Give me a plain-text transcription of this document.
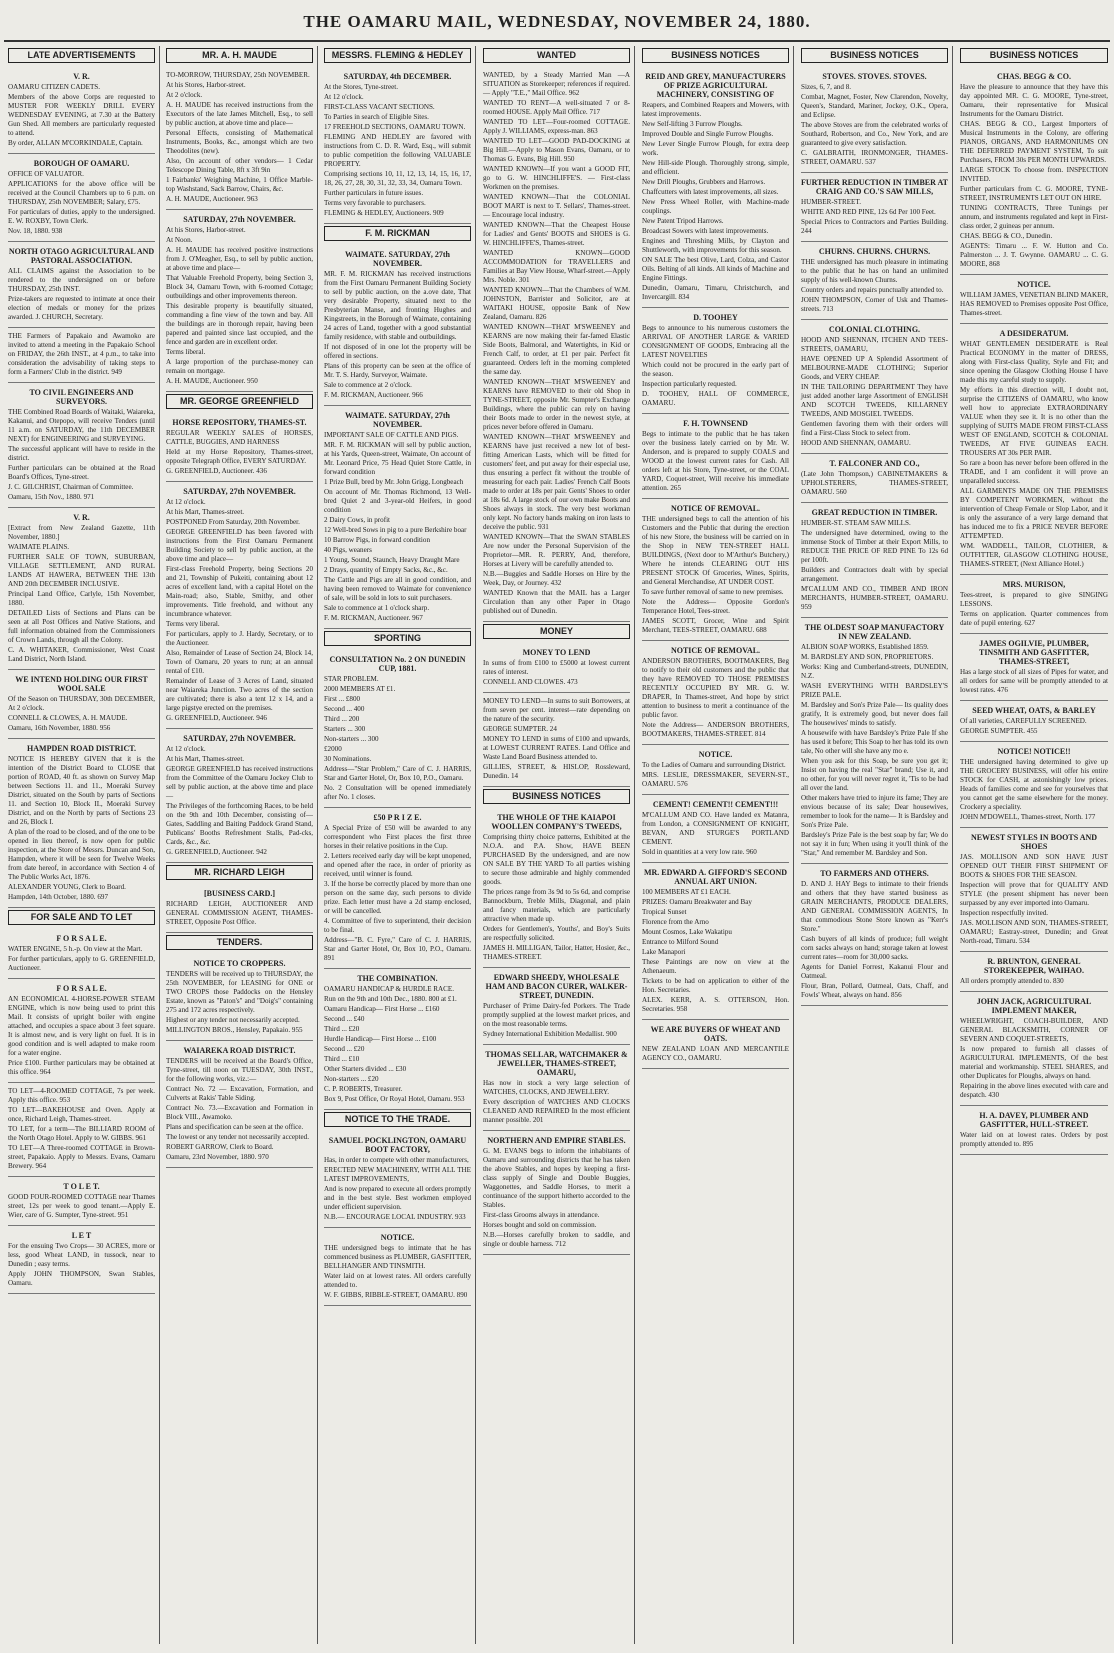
THE OAMARU MAIL, WEDNESDAY, NOVEMBER 24, 1880.
LATE ADVERTISEMENTS
V. R.

OAMARU CITIZEN CADETS.

Members of the above Corps are requested to MUSTER FOR WEEKLY DRILL EVERY WEDNESDAY EVENING, at 7.30 at the Battery Gun Shed. All members are particularly requested to attend.

By order, ALLAN M'CORKINDALE, Captain.

BOROUGH OF OAMARU.

OFFICE OF VALUATOR.

APPLICATIONS for the above office will be received at the Council Chambers up to 6 p.m. on THURSDAY, 25th NOVEMBER; Salary, £75.

For particulars of duties, apply to the undersigned. E. W. ROXBY, Town Clerk.

Nov. 18, 1880. 938

NORTH OTAGO AGRICULTURAL AND PASTORAL ASSOCIATION.

ALL CLAIMS against the Association to be rendered to the undersigned on or before THURSDAY, 25th INST.

Prize-takers are requested to intimate at once their election of medals or money for the prizes awarded. J. CHURCH, Secretary.

THE Farmers of Papakaio and Awamoko are invited to attend a meeting in the Papakaio School on FRIDAY, the 26th INST., at 4 p.m., to take into consideration the advisability of taking steps to form a Farmers' Club in the district. 949

TO CIVIL ENGINEERS AND SURVEYORS.

THE Combined Road Boards of Waitaki, Waiareka, Kakanui, and Otepopo, will receive Tenders (until 11 a.m. on SATURDAY, the 11th DECEMBER NEXT) for ENGINEERING and SURVEYING.

The successful applicant will have to reside in the district.

Further particulars can be obtained at the Road Board's Offices, Tyne-street.

J. C. GILCHRIST, Chairman of Committee.

Oamaru, 15th Nov., 1880. 971

V. R.

[Extract from New Zealand Gazette, 11th November, 1880.]

WAIMATE PLAINS.

FURTHER SALE OF TOWN, SUBURBAN, VILLAGE SETTLEMENT, AND RURAL LANDS AT HAWERA, BETWEEN THE 13th AND 20th DECEMBER INCLUSIVE.

Principal Land Office, Carlyle, 15th November, 1880.

DETAILED Lists of Sections and Plans can be seen at all Post Offices and Native Stations, and full information obtained from the Commissioners of Crown Lands, through all the Colony.

C. A. WHITAKER, Commissioner, West Coast Land District, North Island.

WE INTEND HOLDING OUR FIRST WOOL SALE

Of the Season on THURSDAY, 30th DECEMBER, At 2 o'clock.

CONNELL & CLOWES, A. H. MAUDE.

Oamaru, 16th November, 1880. 956

HAMPDEN ROAD DISTRICT.

NOTICE IS HEREBY GIVEN that it is the intention of the District Board to CLOSE that portion of ROAD, 40 ft. as shown on Survey Map between Sections 11. and 11., Moeraki Survey District, situated on the South by parts of Sections 11. and Section 10, Block II., Moeraki Survey District, and on the North by parts of Sections 23 and 26, Block I.

A plan of the road to be closed, and of the one to be opened in lieu thereof, is now open for public inspection, at the Store of Messrs. Duncan and Son, Hampden, where it will be seen for Twelve Weeks from date hereof, in accordance with Section 4 of The Public Works Act, 1876.

ALEXANDER YOUNG, Clerk to Board.

Hampden, 14th October, 1880. 697

FOR SALE AND TO LET
F O R S A L E.

WATER ENGINE, 5 h.-p. On view at the Mart.

For further particulars, apply to G. GREENFIELD, Auctioneer.

F O R S A L E.

AN ECONOMICAL 4-HORSE-POWER STEAM ENGINE, which is now being used to print this Mail. It consists of upright boiler with engine attached, and occupies a space about 3 feet square. It is almost new, and is very light on fuel. It is in good condition and is well adapted to make room for a water engine.

Price £100. Further particulars may be obtained at this office. 964

TO LET—4-ROOMED COTTAGE, 7s per week. Apply this office. 953

TO LET—BAKEHOUSE and Oven. Apply at once, Richard Leigh, Thames-street.

TO LET, for a term—The BILLIARD ROOM of the North Otago Hotel. Apply to W. GIBBS. 961

TO LET—A Three-roomed COTTAGE in Brown-street, Papakaio. Apply to Messrs. Evans, Oamaru Brewery. 964

T O L E T.

GOOD FOUR-ROOMED COTTAGE near Thames street, 12s per week to good tenant.—Apply E. Wier, care of G. Sumpter, Tyne-street. 951

L E T

For the ensuing Two Crops— 30 ACRES, more or less, good Wheat LAND, in tussock, near to Dunedin ; easy terms.

Apply JOHN THOMPSON, Swan Stables, Oamaru.

MR. A. H. MAUDE

TO-MORROW, THURSDAY, 25th NOVEMBER.

At his Stores, Harbor-street.

At 2 o'clock.

A. H. MAUDE has received instructions from the Executors of the late James Mitchell, Esq., to sell by public auction, at above time and place—

Personal Effects, consisting of Mathematical Instruments, Books, &c., amongst which are two Theodolites (new).

Also, On account of other vendors— 1 Cedar Telescope Dining Table, 8ft x 3ft 9in

1 Fairbanks' Weighing Machine, 1 Office Marble-top Washstand, Sack Barrow, Chairs, &c.

A. H. MAUDE, Auctioneer. 963

SATURDAY, 27th NOVEMBER.

At his Stores, Harbor-street.

At Noon.

A. H. MAUDE has received positive instructions from J. O'Meagher, Esq., to sell by public auction, at above time and place—

That Valuable Freehold Property, being Section 3, Block 34, Oamaru Town, with 6-roomed Cottage; outbuildings and other improvements thereon.

This desirable property is beautifully situated, commanding a fine view of the town and bay. All the buildings are in thorough repair, having been papered and painted since last occupied, and the fence and garden are in excellent order.

Terms liberal.

A large proportion of the purchase-money can remain on mortgage.

A. H. MAUDE, Auctioneer. 950

MR. GEORGE GREENFIELD
HORSE REPOSITORY, THAMES-ST.

REGULAR WEEKLY SALES of HORSES, CATTLE, BUGGIES, AND HARNESS

Held at my Horse Repository, Thames-street, opposite Telegraph Office, EVERY SATURDAY.

G. GREENFIELD, Auctioneer. 436

SATURDAY, 27th NOVEMBER.

At 12 o'clock.

At his Mart, Thames-street.

POSTPONED From Saturday, 20th November.

GEORGE GREENFIELD has been favored with instructions from the First Oamaru Permanent Building Society to sell by public auction, at the above time and place—

First-class Freehold Property, being Sections 20 and 21, Township of Pukeiti, containing about 12 acres of excellent land, with a capital Hotel on the Main-road; also, Stable, Smithy, and other improvements. Title freehold, and without any incumbrance whatever.

Terms very liberal.

For particulars, apply to J. Hardy, Secretary, or to the Auctioneer.

Also, Remainder of Lease of Section 24, Block 14, Town of Oamaru, 20 years to run; at an annual rental of £10.

Remainder of Lease of 3 Acres of Land, situated near Waiareka Junction. Two acres of the section are cultivated; there is also a tent 12 x 14, and a large pigstye erected on the premises.

G. GREENFIELD, Auctioneer. 946

SATURDAY, 27th NOVEMBER.

At 12 o'clock.

At his Mart, Thames-street.

GEORGE GREENFIELD has received instructions from the Committee of the Oamaru Jockey Club to sell by public auction, at the above time and place—

The Privileges of the forthcoming Races, to be held on the 9th and 10th December, consisting of—Gates, Saddling and Baiting Paddock Grand Stand, Publicans' Booths Refreshment Stalls, Pad-cks, Cards, &c., &c.

G. GREENFIELD, Auctioneer. 942

MR. RICHARD LEIGH
[BUSINESS CARD.]

RICHARD LEIGH, AUCTIONEER AND GENERAL COMMISSION AGENT, THAMES-STREET, Opposite Post Office.

TENDERS.
NOTICE TO CROPPERS.

TENDERS will be received up to THURSDAY, the 25th NOVEMBER, for LEASING for ONE or TWO CROPS those Paddocks on the Hensley Estate, known as "Paton's" and "Doig's" containing 275 and 172 acres respectively.

Highest or any tender not necessarily accepted.

MILLINGTON BROS., Hensley, Papakaio. 955

WAIAREKA ROAD DISTRICT.

TENDERS will be received at the Board's Office, Tyne-street, till noon on TUESDAY, 30th INST., for the following works, viz.:—

Contract No. 72 — Excavation, Formation, and Culverts at Rakis' Table Siding.

Contract No. 73.—Excavation and Formation in Block VIII., Awamoko.

Plans and specification can be seen at the office.

The lowest or any tender not necessarily accepted.

ROBERT GARROW, Clerk to Board.

Oamaru, 23rd November, 1880. 970

MESSRS. FLEMING & HEDLEY
SATURDAY, 4th DECEMBER.

At the Stores, Tyne-street.

At 12 o'clock.

FIRST-CLASS VACANT SECTIONS.

To Parties in search of Eligible Sites.

17 FREEHOLD SECTIONS, OAMARU TOWN.

FLEMING AND HEDLEY are favored with instructions from C. D. R. Ward, Esq., will submit to public competition the following VALUABLE PROPERTY.

Comprising sections 10, 11, 12, 13, 14, 15, 16, 17, 18, 26, 27, 28, 30, 31, 32, 33, 34, Oamaru Town.

Further particulars in future issues.

Terms very favorable to purchasers.

FLEMING & HEDLEY, Auctioneers. 909

F. M. RICKMAN
WAIMATE. SATURDAY, 27th NOVEMBER.

MR. F. M. RICKMAN has received instructions from the First Oamaru Permanent Building Society to sell by public auction, on the a.ove date, That very desirable Property, situated next to the Presbyterian Manse, and fronting Hughes and Kingstreets, in the Borough of Waimate, containing 24 acres of Land, together with a good substantial family residence, with stable and outbuildings.

If not disposed of in one lot the property will be offered in sections.

Plans of this property can be seen at the office of Mr. T. S. Hardy, Surveyor, Waimate.

Sale to commence at 2 o'clock.

F. M. RICKMAN, Auctioneer. 966

WAIMATE. SATURDAY, 27th NOVEMBER.

IMPORTANT SALE OF CATTLE AND PIGS.

MR. F. M. RICKMAN will sell by public auction, at his Yards, Queen-street, Waimate, On account of Mr. Leonard Price, 75 Head Quiet Store Cattle, in forward condition

1 Prize Bull, bred by Mr. John Grigg, Longbeach

On account of Mr. Thomas Richmond, 13 Well-bred Quiet 2 and 3-year-old Heifers, in good condition

2 Dairy Cows, in profit

12 Well-bred Sows in pig to a pure Berkshire boar

10 Barrow Pigs, in forward condition

40 Pigs, weaners

1 Young, Sound, Staunch, Heavy Draught Mare

2 Drays, quantity of Empty Sacks, &c., &c.

The Cattle and Pigs are all in good condition, and having been removed to Waimate for convenience of sale, will be sold in lots to suit purchasers.

Sale to commence at 1 o'clock sharp.

F. M. RICKMAN, Auctioneer. 967

SPORTING
CONSULTATION No. 2 ON DUNEDIN CUP, 1881.

STAR PROBLEM.

2000 MEMBERS AT £1.

First ... £800

Second ... 400

Third ... 200

Starters ... 300

Non-starters ... 300

£2000

30 Nominations.

Address—"Star Problem," Care of C. J. HARRIS, Star and Garter Hotel, Or, Box 10, P.O., Oamaru.

No. 2 Consultation will be opened immediately after No. 1 closes.

£50 P R I Z E.

A Special Prize of £50 will be awarded to any correspondent who First places the first three horses in their relative positions in the Cup.

2. Letters received early day will be kept unopened, and opened after the race, in order of priority as received, until winner is found.

3. If the horse be correctly placed by more than one person on the same day, such persons to divide prize. Each letter must have a 2d stamp enclosed, or will be cancelled.

4. Committee of five to superintend, their decision to be final.

Address—"B. C. Fyre," Care of C. J. HARRIS, Star and Garter Hotel, Or, Box 10, P.O., Oamaru. 891

THE COMBINATION.

OAMARU HANDICAP & HURDLE RACE.

Run on the 9th and 10th Dec., 1880. 800 at £1.

Oamaru Handicap— First Horse ... £160

Second ... £40

Third ... £20

Hurdle Handicap— First Horse ... £100

Second ... £20

Third ... £10

Other Starters divided ... £30

Non-starters ... £20

C. P. ROBERTS, Treasurer.

Box 9, Post Office, Or Royal Hotel, Oamaru. 953

NOTICE TO THE TRADE.
SAMUEL POCKLINGTON, OAMARU BOOT FACTORY,

Has, in order to compete with other manufacturers,

ERECTED NEW MACHINERY, WITH ALL THE LATEST IMPROVEMENTS,

And is now prepared to execute all orders promptly and in the best style. Best workmen employed under efficient supervision.

N.B.— ENCOURAGE LOCAL INDUSTRY. 933

NOTICE.

THE undersigned begs to intimate that he has commenced business as PLUMBER, GASFITTER, BELLHANGER AND TINSMITH.

Water laid on at lowest rates. All orders carefully attended to.

W. F. GIBBS, RIBBLE-STREET, OAMARU. 890

WANTED

WANTED, by a Steady Married Man —A SITUATION as Storekeeper; references if required. — Apply "T.E.," Mail Office. 962

WANTED TO RENT—A well-situated 7 or 8-roomed HOUSE. Apply Mail Office. 717

WANTED TO LET—Four-roomed COTTAGE. Apply J. WILLIAMS, express-man. 863

WANTED TO LET—GOOD PAD-DOCKING at Big Hill.—Apply to Mason Evans, Oamaru, or to Thomas G. Evans, Big Hill. 950

WANTED KNOWN—If you want a GOOD FIT, go to G. W. HINCHLIFFE'S. — First-class Workmen on the premises.

WANTED KNOWN—That the COLONIAL BOOT MART is next to T. Sellars', Thames-street. — Encourage local industry.

WANTED KNOWN—That the Cheapest House for Ladies' and Gents' BOOTS and SHOES is G. W. HINCHLIFFE'S, Thames-street.

WANTED KNOWN—GOOD ACCOMMODATION for TRAVELLERS and Families at Bay View House, Wharf-street.—Apply Mrs. Noble. 301

WANTED KNOWN—That the Chambers of W.M. JOHNSTON, Barrister and Solicitor, are at WAITAKI HOUSE, opposite Bank of New Zealand, Oamaru. 826

WANTED KNOWN—THAT M'SWEENEY and KEARNS are now making their far-famed Elastic Side Boots, Balmoral, and Watertights, in Kid or French Calf, to order, at £1 per pair. Perfect fit guaranteed. Orders left in the morning completed the same day.

WANTED KNOWN—THAT M'SWEENEY and KEARNS have REMOVED to their old Shop in TYNE-STREET, opposite Mr. Sumpter's Exchange Buildings, where the public can rely on having their Boots made to order in the newest style, at prices never before offered in Oamaru.

WANTED KNOWN—THAT M'SWEENEY and KEARNS have just received a new lot of best-fitting American Lasts, which will be fitted for customers' feet, and put away for their especial use, thus ensuring a perfect fit without the trouble of measuring for each pair. Ladies' French Calf Boots made to order at 18s per pair. Gents' Shoes to order at 18s 6d. A large stock of our own make Boots and Shoes always in stock. The very best workman only kept. No factory hands making on iron lasts to deceive the public. 931

WANTED KNOWN—That the SWAN STABLES Are now under the Personal Supervision of the Proprietor—MR. R. PERRY, And, therefore, Horses at Livery will be carefully attended to.

N.B.—Buggies and Saddle Horses on Hire by the Week, Day, or Journey. 432

WANTED Known that the MAIL has a Larger Circulation than any other Paper in Otago published out of Dunedin.

MONEY
MONEY TO LEND

In sums of from £100 to £5000 at lowest current rates of interest.

CONNELL AND CLOWES. 473

MONEY TO LEND—In sums to suit Borrowers, at from seven per cent. interest—rate depending on the nature of the security.

GEORGE SUMPTER. 24

MONEY TO LEND in sums of £100 and upwards, at LOWEST CURRENT RATES. Land Office and Waste Land Board Business attended to.

GILLIES, STREET, & HISLOP, Rossleward, Dunedin. 14

BUSINESS NOTICES
THE WHOLE OF THE KAIAPOI WOOLLEN COMPANY'S TWEEDS,

Comprising thirty choice patterns, Exhibited at the N.O.A. and P.A. Show, HAVE BEEN PURCHASED By the undersigned, and are now ON SALE BY THE YARD To all parties wishing to secure those admirable and highly commended goods.

The prices range from 3s 9d to 5s 6d, and comprise Bannockburn, Treble Mills, Diagonal, and plain and fancy materials, which are particularly attractive when made up.

Orders for Gentlemen's, Youths', and Boy's Suits are respectfully solicited.

JAMES H. MILLIGAN, Tailor, Hatter, Hosier, &c., THAMES-STREET.

EDWARD SHEEDY, WHOLESALE HAM AND BACON CURER, WALKER-STREET, DUNEDIN.

Purchaser of Prime Dairy-fed Porkers. The Trade promptly supplied at the lowest market prices, and on the most reasonable terms.

Sydney International Exhibition Medallist. 900

THOMAS SELLAR, WATCHMAKER & JEWELLER, THAMES-STREET, OAMARU,

Has now in stock a very large selection of WATCHES, CLOCKS, AND JEWELLERY.

Every description of WATCHES AND CLOCKS CLEANED AND REPAIRED In the most efficient manner possible. 201

NORTHERN AND EMPIRE STABLES.

G. M. EVANS begs to inform the inhabitants of Oamaru and surrounding districts that he has taken the above Stables, and hopes by keeping a first-class supply of Single and Double Buggies, Waggonettes, and Saddle Horses, to merit a continuance of the support hitherto accorded to the Stables.

First-class Grooms always in attendance.

Horses bought and sold on commission.

N.B.—Horses carefully broken to saddle, and single or double harness. 712

BUSINESS NOTICES
REID AND GREY, MANUFACTURERS OF PRIZE AGRICULTURAL MACHINERY, CONSISTING OF

Reapers, and Combined Reapers and Mowers, with latest improvements.

New Self-lifting 3 Furrow Ploughs.

Improved Double and Single Furrow Ploughs.

New Lever Single Furrow Plough, for extra deep work.

New Hill-side Plough. Thoroughly strong, simple, and efficient.

New Drill Ploughs, Grubbers and Harrows.

Chaffcutters with latest improvements, all sizes.

New Press Wheel Roller, with Machine-made couplings.

New Patent Tripod Harrows.

Broadcast Sowers with latest improvements.

Engines and Threshing Mills, by Clayton and Shuttleworth, with improvements for this season.

ON SALE The best Olive, Lard, Colza, and Castor Oils. Belting of all kinds. All kinds of Machine and Engine Fittings.

Dunedin, Oamaru, Timaru, Christchurch, and Invercargill. 834

D. TOOHEY

Begs to announce to his numerous customers the ARRIVAL OF ANOTHER LARGE & VARIED CONSIGNMENT OF GOODS, Embracing all the LATEST NOVELTIES

Which could not be procured in the early part of the season.

Inspection particularly requested.

D. TOOHEY, HALL OF COMMERCE, OAMARU.

F. H. TOWNSEND

Begs to intimate to the public that he has taken over the business lately carried on by Mr. W. Anderson, and is prepared to supply COALS and WOOD at the lowest current rates for Cash. All orders left at his Store, Tyne-street, or the COAL YARD, Coquet-street, Will receive his immediate attention. 265

NOTICE OF REMOVAL.

THE undersigned begs to call the attention of his Customers and the Public that during the erection of his new Store, the business will be carried on in the Shop in NEW TEN-STREET HALL BUILDINGS, (Next door to M'Arthur's Butchery,) Where he intends CLEARING OUT HIS PRESENT STOCK Of Groceries, Wines, Spirits, and General Merchandise, AT UNDER COST.

To save further removal of same to new premises.

Note the Address— Opposite Gordon's Temperance Hotel, Tees-street.

JAMES SCOTT, Grocer, Wine and Spirit Merchant, TEES-STREET, OAMARU. 688

NOTICE OF REMOVAL.

ANDERSON BROTHERS, BOOTMAKERS, Beg to notify to their old customers and the public that they have REMOVED TO THOSE PREMISES RECENTLY OCCUPIED BY MR. G. W. DRAPER, In Thames-street, And hope by strict attention to business to merit a continuance of the public favor.

Note the Address— ANDERSON BROTHERS, BOOTMAKERS, THAMES-STREET. 814

NOTICE.

To the Ladies of Oamaru and surrounding District.

MRS. LESLIE, DRESSMAKER, SEVERN-ST., OAMARU. 576

CEMENT! CEMENT!! CEMENT!!!

M'CALLUM AND CO. Have landed ex Matanra, from London, a CONSIGNMENT OF KNIGHT, BEVAN, AND STURGE'S PORTLAND CEMENT.

Sold in quantities at a very low rate. 960

MR. EDWARD A. GIFFORD'S SECOND ANNUAL ART UNION.

100 MEMBERS AT £1 EACH.

PRIZES: Oamaru Breakwater and Bay

Tropical Sunset

Florence from the Arno

Mount Cosmos, Lake Wakatipu

Entrance to Milford Sound

Lake Manapori

These Paintings are now on view at the Athenaeum.

Tickets to be had on application to either of the Hon. Secretaries.

ALEX. KERR, A. S. OTTERSON, Hon. Secretaries. 958

WE ARE BUYERS OF WHEAT AND OATS.

NEW ZEALAND LOAN AND MERCANTILE AGENCY CO., OAMARU.

BUSINESS NOTICES
STOVES. STOVES. STOVES.

Sizes, 6, 7, and 8.

Combat, Magnet, Foster, New Clarendon, Novelty, Queen's, Standard, Mariner, Jockey, O.K., Opera, and Eclipse.

The above Stoves are from the celebrated works of Southard, Robertson, and Co., New York, and are guaranteed to give every satisfaction.

C. GALBRAITH, IRONMONGER, THAMES-STREET, OAMARU. 537

FURTHER REDUCTION IN TIMBER AT CRAIG AND CO.'S SAW MILLS,

HUMBER-STREET.

WHITE AND RED PINE, 12s 6d Per 100 Feet.

Special Prices to Contractors and Parties Building. 244

CHURNS. CHURNS. CHURNS.

THE undersigned has much pleasure in intimating to the public that he has on hand an unlimited supply of his well-known Churns.

Country orders and repairs punctually attended to.

JOHN THOMPSON, Corner of Usk and Thames-streets. 713

COLONIAL CLOTHING.

HOOD AND SHENNAN, ITCHEN AND TEES-STREETS, OAMARU,

HAVE OPENED UP A Splendid Assortment of MELBOURNE-MADE CLOTHING; Superior Goods, and VERY CHEAP.

IN THE TAILORING DEPARTMENT They have just added another large Assortment of ENGLISH AND SCOTCH TWEEDS, KILLARNEY TWEEDS, AND MOSGIEL TWEEDS.

Gentlemen favoring them with their orders will find a First-Class Stock to select from.

HOOD AND SHENNAN, OAMARU.

T. FALCONER AND CO.,

(Late John Thompson,) CABINETMAKERS & UPHOLSTERERS, THAMES-STREET, OAMARU. 560

GREAT REDUCTION IN TIMBER.

HUMBER-ST. STEAM SAW MILLS.

The undersigned have determined, owing to the immense Stock of Timber at their Export Mills, to REDUCE THE PRICE OF RED PINE To 12s 6d per 100ft.

Builders and Contractors dealt with by special arrangement.

M'CALLUM AND CO., TIMBER AND IRON MERCHANTS, HUMBER-STREET, OAMARU. 959

THE OLDEST SOAP MANUFACTORY IN NEW ZEALAND.

ALBION SOAP WORKS, Established 1859.

M. BARDSLEY AND SON, PROPRIETORS.

Works: King and Cumberland-streets, DUNEDIN, N.Z.

WASH EVERYTHING WITH BARDSLEY'S PRIZE PALE.

M. Bardsley and Son's Prize Pale— Its quality does gratify, It is extremely good, but never does fail The housewives' minds to satisfy.

A housewife with have Bardsley's Prize Pale If she has used it before; This Soap to her has told its own tale, No other will she have any mo e.

When you ask for this Soap, be sure you get it; Insist on having the real "Star" brand; Use it, and no other, for you will never regret it, 'Tis to be had all over the land.

Other makers have tried to injure its fame; They are envious because of its sale; Dear housewives, remember to look for the name— It is Bardsley and Son's Prize Pale.

Bardsley's Prize Pale is the best soap by far; We do not say it in fun; When using it you'll think of the "Star," And remember M. Bardsley and Son.

TO FARMERS AND OTHERS.

D. AND J. HAY Begs to intimate to their friends and others that they have started business as GRAIN MERCHANTS, PRODUCE DEALERS, AND GENERAL COMMISSION AGENTS, In that commodious Stone Store known as "Kerr's Store."

Cash buyers of all kinds of produce; full weight corn sacks always on hand; storage taken at lowest current rates—room for 30,000 sacks.

Agents for Daniel Forrest, Kakanui Flour and Oatmeal.

Flour, Bran, Pollard, Oatmeal, Oats, Chaff, and Fowls' Wheat, always on hand. 856

BUSINESS NOTICES
CHAS. BEGG & CO.

Have the pleasure to announce that they have this day appointed MR. C. G. MOORE, Tyne-street, Oamaru, their representative for Musical Instruments for the Oamaru District.

CHAS. BEGG & CO., Largest Importers of Musical Instruments in the Colony, are offering PIANOS, ORGANS, AND HARMONIUMS ON THE DEFERRED PAYMENT SYSTEM, To suit Purchasers, FROM 30s PER MONTH UPWARDS.

LARGE STOCK To choose from. INSPECTION INVITED.

Further particulars from C. G. MOORE, TYNE-STREET, INSTRUMENTS LET OUT ON HIRE.

TUNING CONTRACTS, Three Tunings per annum, and instruments regulated and kept in First-class order, 2 guineas per annum.

CHAS. BEGG & CO., Dunedin.

AGENTS: Timaru ... F. W. Hutton and Co. Palmerston ... J. T. Gwynne. OAMARU ... C. G. MOORE, 868

NOTICE.

WILLIAM JAMES, VENETIAN BLIND MAKER, HAS REMOVED to Premises opposite Post Office, Thames-street.

A DESIDERATUM.

WHAT GENTLEMEN DESIDERATE is Real Practical ECONOMY in the matter of DRESS, along with First-class Quality, Style and Fit; and since opening the Glasgow Clothing House I have made this my careful study to supply.

My efforts in this direction will, I doubt not, surprise the CITIZENS of OAMARU, who know well how to appreciate EXTRAORDINARY VALUE when they see it. It is no other than the supplying of SUITS MADE FROM FIRST-CLASS WEST OF ENGLAND, SCOTCH & COLONIAL TWEEDS, AT FIVE GUINEAS EACH. TROUSERS AT 30s PER PAIR.

So rare a boon has never before been offered in the TRADE, and I am confident it will prove an unparalleled success.

ALL GARMENTS MADE ON THE PREMISES BY COMPETENT WORKMEN, without the intervention of Cheap Female or Slop Labor, and it is only the assurance of a very large demand that has induced me to fix a PRICE NEVER BEFORE ATTEMPTED.

WM. WADDELL, TAILOR, CLOTHIER, & OUTFITTER, GLASGOW CLOTHING HOUSE, THAMES-STREET, (Next Alliance Hotel.)

MRS. MURISON,

Tees-street, is prepared to give SINGING LESSONS.

Terms on application. Quarter commences from date of pupil entering. 627

JAMES OGILVIE, PLUMBER, TINSMITH AND GASFITTER, THAMES-STREET,

Has a large stock of all sizes of Pipes for water, and all orders for same will be promptly attended to at lowest rates. 476

SEED WHEAT, OATS, & BARLEY

Of all varieties, CAREFULLY SCREENED.

GEORGE SUMPTER. 455

NOTICE! NOTICE!!

THE undersigned having determined to give up THE GROCERY BUSINESS, will offer his entire STOCK for CASH, at astonishingly low prices. Heads of families come and see for yourselves that you cannot get the same elsewhere for the money. Crockery a speciality.

JOHN M'DOWELL, Thames-street, North. 177

NEWEST STYLES IN BOOTS AND SHOES

JAS. MOLLISON AND SON HAVE JUST OPENED OUT THEIR FIRST SHIPMENT OF BOOTS & SHOES FOR THE SEASON.

Inspection will prove that for QUALITY AND STYLE (the present shipment has never been surpassed by any ever imported into Oamaru.

Inspection respectfully invited.

JAS. MOLLISON AND SON, THAMES-STREET, OAMARU; Eastray-street, Dunedin; and Great North-road, Timaru. 534

R. BRUNTON, GENERAL STOREKEEPER, WAIHAO.

All orders promptly attended to. 830

JOHN JACK, AGRICULTURAL IMPLEMENT MAKER,

WHEELWRIGHT, COACH-BUILDER, AND GENERAL BLACKSMITH, CORNER OF SEVERN AND COQUET-STREETS,

Is now prepared to furnish all classes of AGRICULTURAL IMPLEMENTS, Of the best material and workmanship. STEEL SHARES, and other Duplicates for Ploughs, always on hand.

Repairing in the above lines executed with care and despatch. 430

H. A. DAVEY, PLUMBER AND GASFITTER, HULL-STREET.

Water laid on at lowest rates. Orders by post promptly attended to. 895
